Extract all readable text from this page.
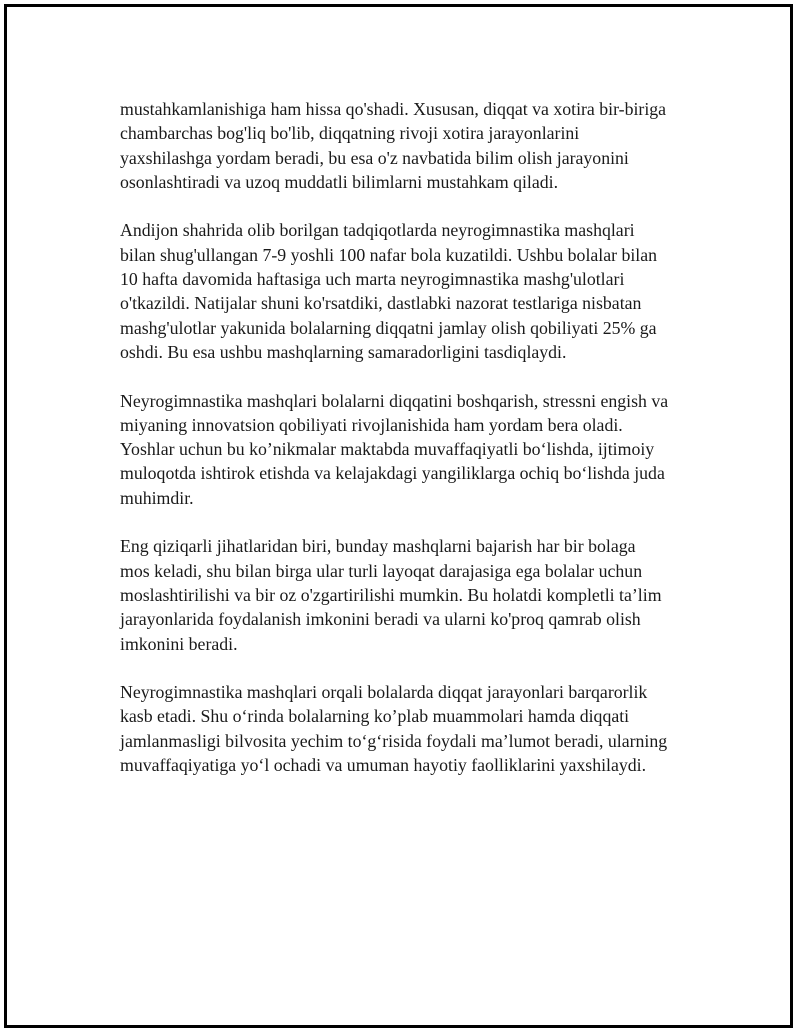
mustahkamlanishiga ham hissa qo'shadi. Xususan, diqqat va xotira bir-biriga
chambarchas bog'liq bo'lib, diqqatning rivoji xotira jarayonlarini
yaxshilashga yordam beradi, bu esa o'z navbatida bilim olish jarayonini
osonlashtiradi va uzoq muddatli bilimlarni mustahkam qiladi.

Andijon shahrida olib borilgan tadqiqotlarda neyrogimnastika mashqlari
bilan shug'ullangan 7-9 yoshli 100 nafar bola kuzatildi. Ushbu bolalar bilan
10 hafta davomida haftasiga uch marta neyrogimnastika mashg'ulotlari
o'tkazildi. Natijalar shuni ko'rsatdiki, dastlabki nazorat testlariga nisbatan
mashg'ulotlar yakunida bolalarning diqqatni jamlay olish qobiliyati 25% ga
oshdi. Bu esa ushbu mashqlarning samaradorligini tasdiqlaydi.

Neyrogimnastika mashqlari bolalarni diqqatini boshqarish, stressni engish va
miyaning innovatsion qobiliyati rivojlanishida ham yordam bera oladi.
Yoshlar uchun bu ko’nikmalar maktabda muvaffaqiyatli bo‘lishda, ijtimoiy
muloqotda ishtirok etishda va kelajakdagi yangiliklarga ochiq bo‘lishda juda
muhimdir.

Eng qiziqarli jihatlaridan biri, bunday mashqlarni bajarish har bir bolaga
mos keladi, shu bilan birga ular turli layoqat darajasiga ega bolalar uchun
moslashtirilishi va bir oz o'zgartirilishi mumkin. Bu holatdi kompletli ta’lim
jarayonlarida foydalanish imkonini beradi va ularni ko'proq qamrab olish
imkonini beradi.

Neyrogimnastika mashqlari orqali bolalarda diqqat jarayonlari barqarorlik
kasb etadi. Shu o‘rinda bolalarning ko’plab muammolari hamda diqqati
jamlanmasligi bilvosita yechim to‘g‘risida foydali ma’lumot beradi, ularning
muvaffaqiyatiga yo‘l ochadi va umuman hayotiy faolliklarini yaxshilaydi.
